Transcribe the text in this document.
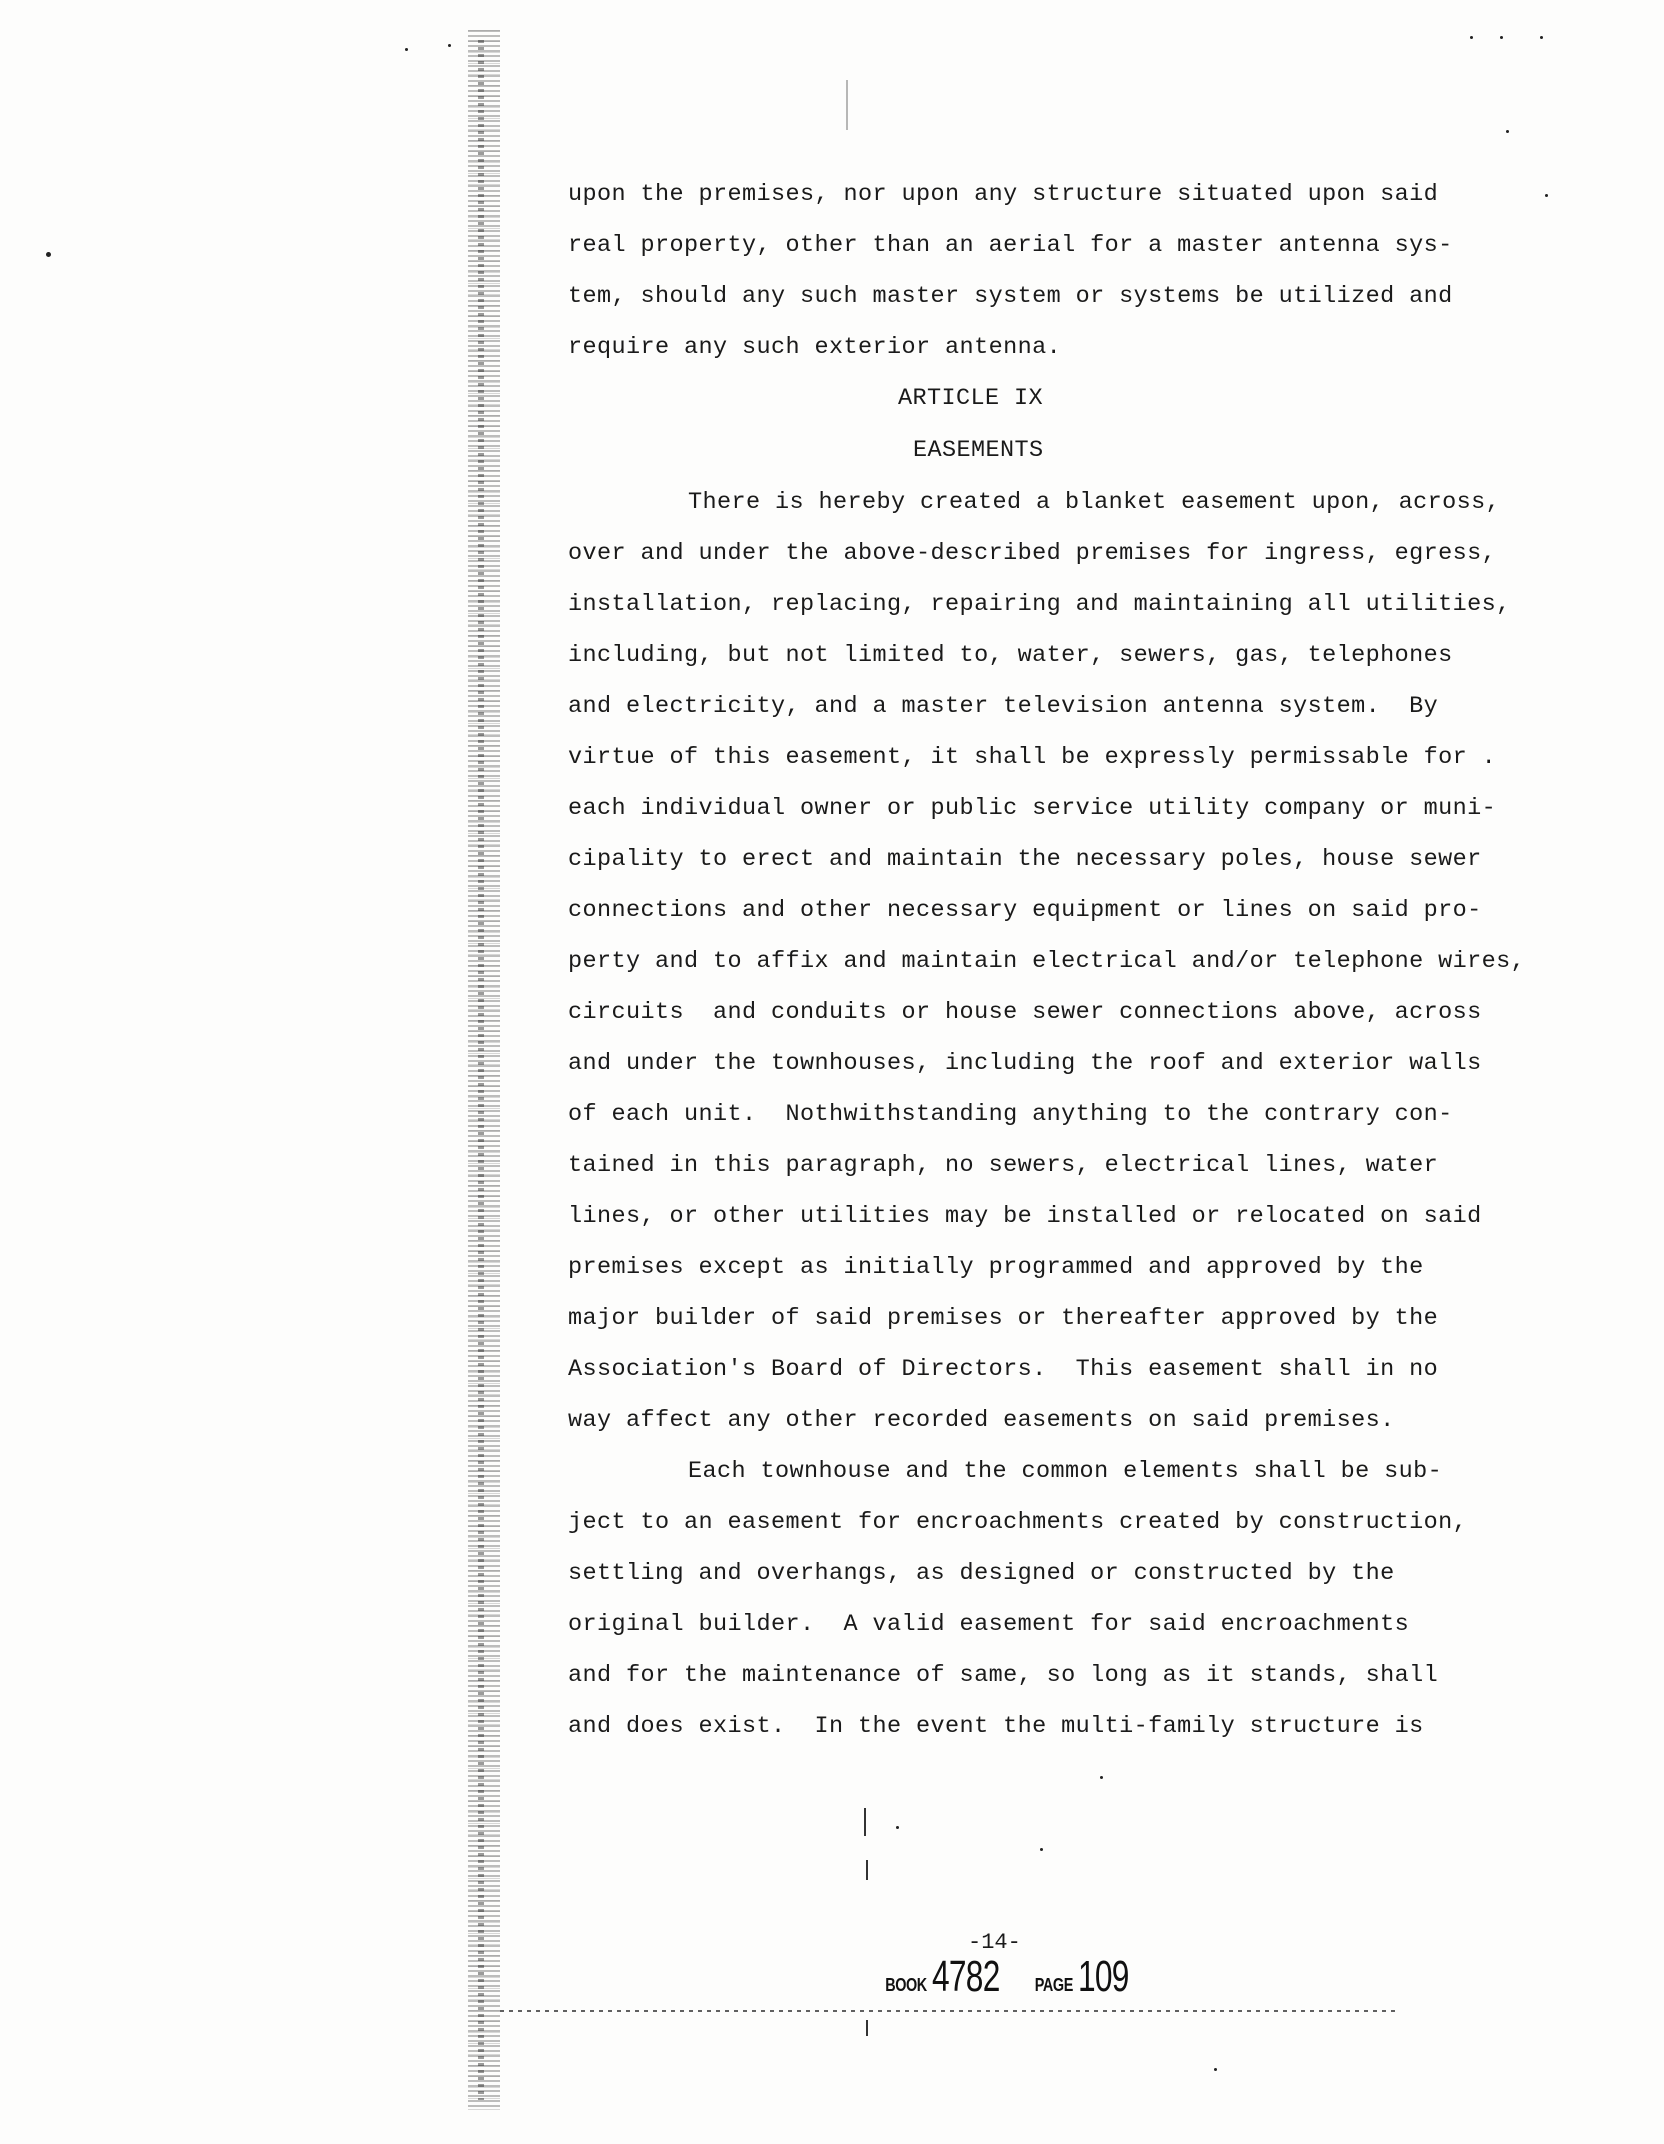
upon the premises, nor upon any structure situated upon said
real property, other than an aerial for a master antenna sys-
tem, should any such master system or systems be utilized and
require any such exterior antenna.
ARTICLE IX
EASEMENTS
There is hereby created a blanket easement upon, across,
over and under the above-described premises for ingress, egress,
installation, replacing, repairing and maintaining all utilities,
including, but not limited to, water, sewers, gas, telephones
and electricity, and a master television antenna system.  By
virtue of this easement, it shall be expressly permissable for .
each individual owner or public service utility company or muni-
cipality to erect and maintain the necessary poles, house sewer
connections and other necessary equipment or lines on said pro-
perty and to affix and maintain electrical and/or telephone wires,
circuits  and conduits or house sewer connections above, across
and under the townhouses, including the roof and exterior walls
of each unit.  Nothwithstanding anything to the contrary con-
tained in this paragraph, no sewers, electrical lines, water
lines, or other utilities may be installed or relocated on said
premises except as initially programmed and approved by the
major builder of said premises or thereafter approved by the
Association's Board of Directors.  This easement shall in no
way affect any other recorded easements on said premises.
Each townhouse and the common elements shall be sub-
ject to an easement for encroachments created by construction,
settling and overhangs, as designed or constructed by the
original builder.  A valid easement for said encroachments
and for the maintenance of same, so long as it stands, shall
and does exist.  In the event the multi-family structure is
-14-
BOOK 4782 PAGE 109
